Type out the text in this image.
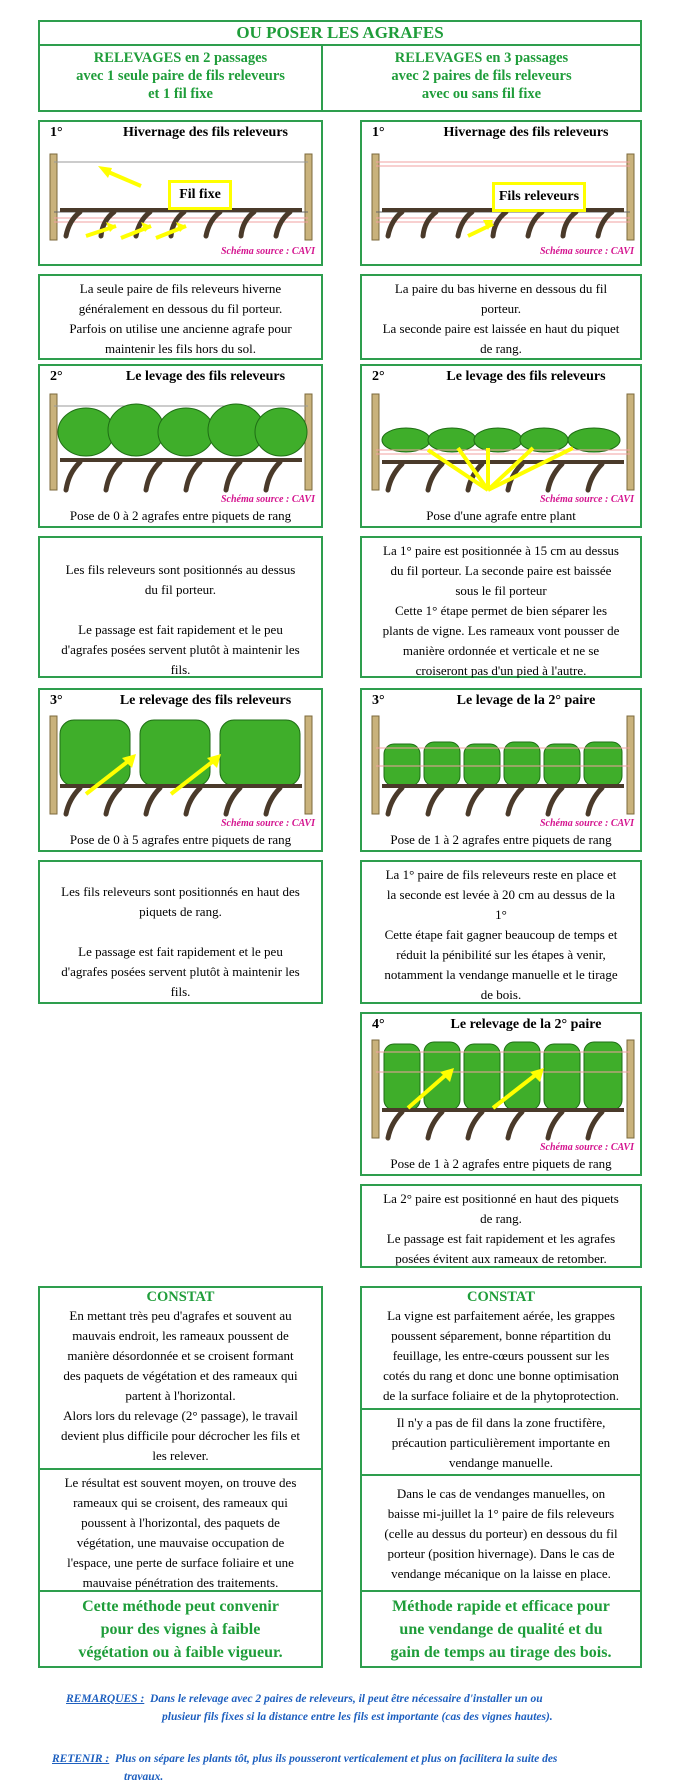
OU POSER LES AGRAFES
RELEVAGES en 2 passages
avec 1 seule paire de fils releveurs
et 1 fil fixe
RELEVAGES en 3 passages
avec 2 paires de fils releveurs
avec ou sans fil fixe
1°	Hivernage des fils releveurs
Fil fixe
Schéma source : CAVI
La seule paire de fils releveurs hiverne
généralement en dessous du fil porteur.
Parfois on utilise une ancienne agrafe pour
maintenir les fils hors du sol.
1°	Hivernage des fils releveurs
Fils releveurs
Schéma source : CAVI
La paire du bas hiverne en dessous du fil
porteur.
La seconde paire est laissée en haut du piquet
de rang.
2°	Le levage des fils releveurs
Schéma source : CAVI
Pose de 0 à 2 agrafes entre piquets de rang
Les fils releveurs sont positionnés au dessus
du fil porteur.
Le passage est fait rapidement et le peu
d'agrafes posées servent plutôt à maintenir les
fils.
2°	Le levage des fils releveurs
Schéma source : CAVI
Pose d'une agrafe entre plant
La 1° paire est positionnée à 15 cm au dessus
du fil porteur. La seconde paire est baissée
sous le fil porteur
Cette 1° étape permet de bien séparer les
plants de vigne. Les rameaux vont pousser de
manière ordonnée et verticale et ne se
croiseront pas d'un pied à l'autre.
3°	Le relevage des fils releveurs
Schéma source : CAVI
Pose de 0 à 5 agrafes entre piquets de rang
Les fils releveurs sont positionnés en haut des
piquets de rang.
Le passage est fait rapidement et le peu
d'agrafes posées servent plutôt à maintenir les
fils.
3°	Le levage de la 2° paire
Schéma source : CAVI
Pose de 1 à 2 agrafes entre piquets de rang
La 1° paire de fils releveurs reste en place et
la seconde est levée à 20 cm au dessus de la
1°
Cette étape fait gagner beaucoup de temps et
réduit la pénibilité sur les étapes à venir,
notamment la vendange manuelle et le tirage
de bois.
4°	Le relevage de la 2° paire
Schéma source : CAVI
Pose de 1 à 2 agrafes entre piquets de rang
La 2° paire est positionné en haut des piquets
de rang.
Le passage est fait rapidement et les agrafes
posées évitent aux rameaux de retomber.
CONSTAT
En mettant très peu d'agrafes et souvent au
mauvais endroit, les rameaux poussent de
manière désordonnée et se croisent formant
des paquets de végétation et des rameaux qui
partent à l'horizontal.
Alors lors du relevage (2° passage), le travail
devient plus difficile pour décrocher les fils et
les relever.
Le résultat est souvent moyen, on trouve des
rameaux qui se croisent, des rameaux qui
poussent à l'horizontal, des paquets de
végétation, une mauvaise occupation de
l'espace, une perte de surface foliaire et une
mauvaise pénétration des traitements.
Cette méthode peut convenir
pour des vignes à faible
végétation ou à faible vigueur.
CONSTAT
La vigne est parfaitement aérée, les grappes
poussent séparement, bonne répartition du
feuillage, les entre-cœurs poussent sur les
cotés du rang et donc une bonne optimisation
de la surface foliaire et de la phytoprotection.
Il n'y a pas de fil dans la zone fructifère,
précaution particulièrement importante en
vendange manuelle.
Dans le cas de vendanges manuelles, on
baisse mi-juillet la 1° paire de fils releveurs
(celle au dessus du porteur) en dessous du fil
porteur (position hivernage). Dans le cas de
vendange mécanique on la laisse en place.
Méthode rapide et efficace pour
une vendange de qualité et du
gain de temps au tirage des bois.
REMARQUES : Dans le relevage avec 2 paires de releveurs, il peut être nécessaire d'installer un ou
plusieur fils fixes si la distance entre les fils est importante (cas des vignes hautes).
RETENIR : Plus on sépare les plants tôt, plus ils pousseront verticalement et plus on facilitera la suite des
travaux.
